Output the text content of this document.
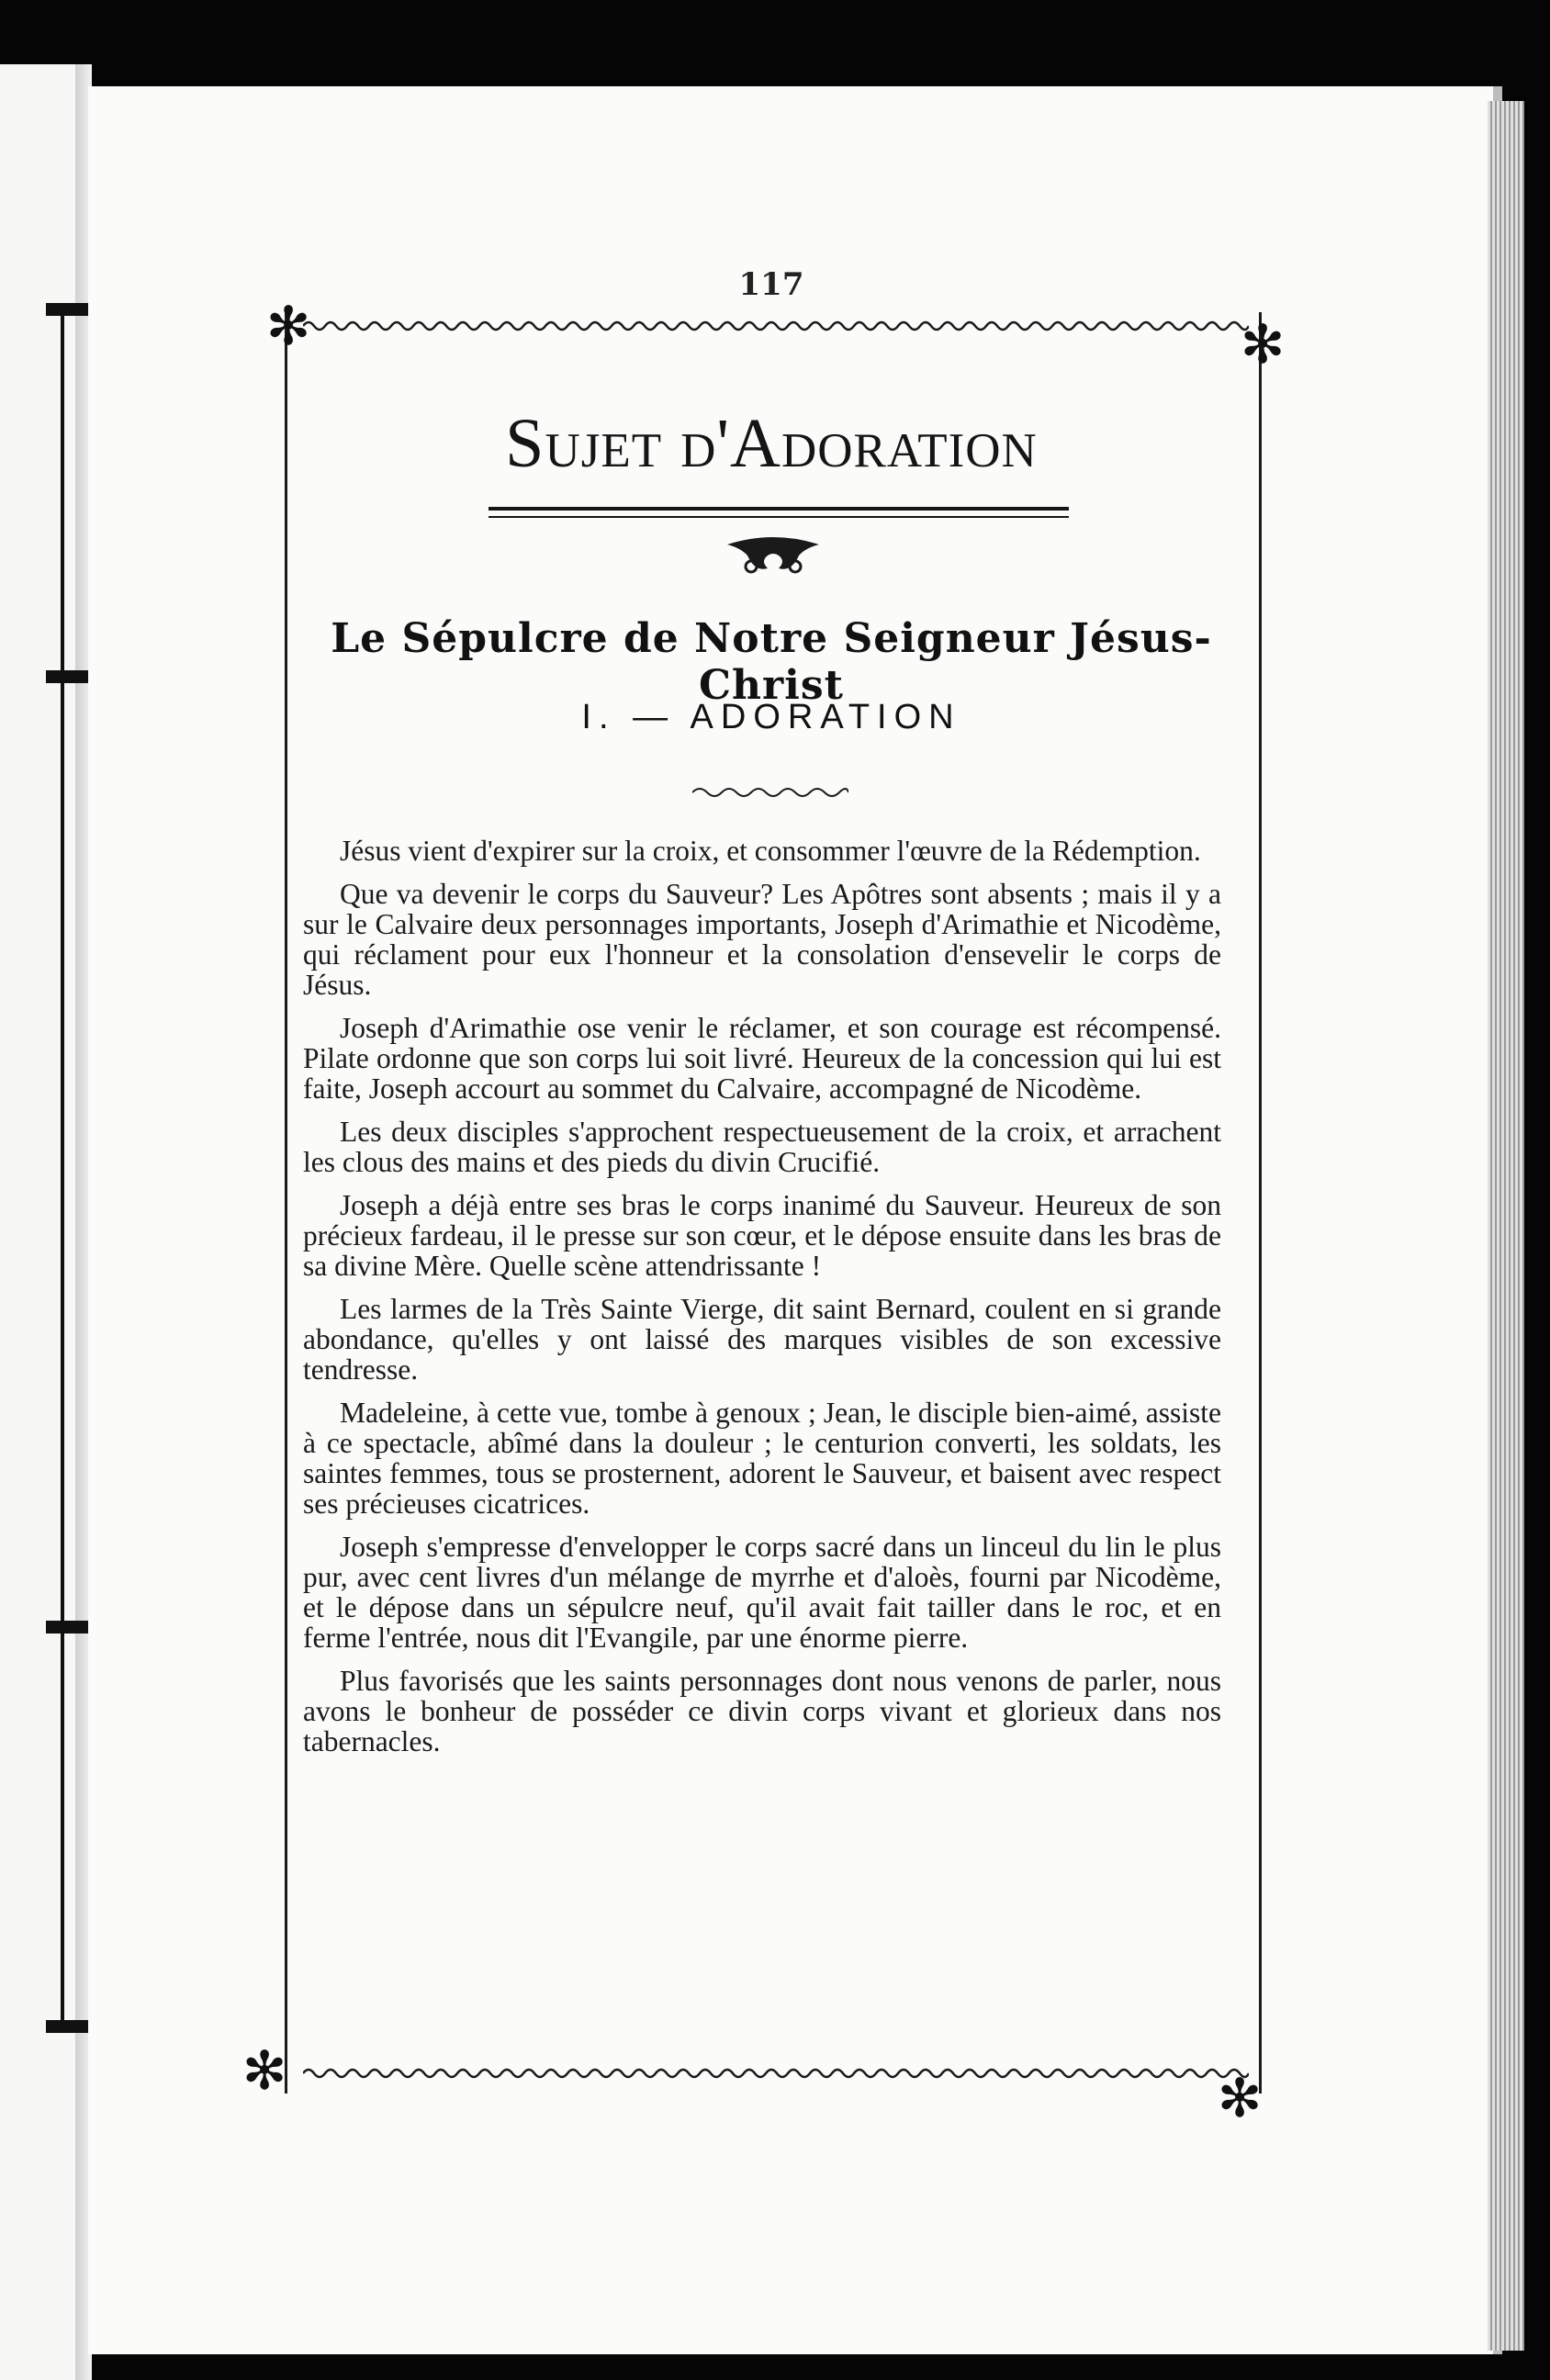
117
✻	✻
✻	✻
Sujet d'Adoration
Le Sépulcre de Notre Seigneur Jésus-Christ
I. — ADORATION

Jésus vient d'expirer sur la croix, et consommer l'œuvre de la Rédemption.

Que va devenir le corps du Sauveur? Les Apôtres sont absents ; mais il y a sur le Calvaire deux personnages importants, Joseph d'Arimathie et Nicodème, qui réclament pour eux l'honneur et la consolation d'ensevelir le corps de Jésus.

Joseph d'Arimathie ose venir le réclamer, et son courage est récompensé. Pilate ordonne que son corps lui soit livré. Heureux de la concession qui lui est faite, Joseph accourt au sommet du Calvaire, accompagné de Nicodème.

Les deux disciples s'approchent respectueusement de la croix, et arrachent les clous des mains et des pieds du divin Crucifié.

Joseph a déjà entre ses bras le corps inanimé du Sauveur. Heureux de son précieux fardeau, il le presse sur son cœur, et le dépose ensuite dans les bras de sa divine Mère. Quelle scène attendrissante !

Les larmes de la Très Sainte Vierge, dit saint Bernard, coulent en si grande abondance, qu'elles y ont laissé des marques visibles de son excessive tendresse.

Madeleine, à cette vue, tombe à genoux ; Jean, le disciple bien-aimé, assiste à ce spectacle, abîmé dans la douleur ; le centurion converti, les soldats, les saintes femmes, tous se prosternent, adorent le Sauveur, et baisent avec respect ses précieuses cicatrices.

Joseph s'empresse d'envelopper le corps sacré dans un linceul du lin le plus pur, avec cent livres d'un mélange de myrrhe et d'aloès, fourni par Nicodème, et le dépose dans un sépulcre neuf, qu'il avait fait tailler dans le roc, et en ferme l'entrée, nous dit l'Evangile, par une énorme pierre.

Plus favorisés que les saints personnages dont nous venons de parler, nous avons le bonheur de posséder ce divin corps vivant et glorieux dans nos tabernacles.
